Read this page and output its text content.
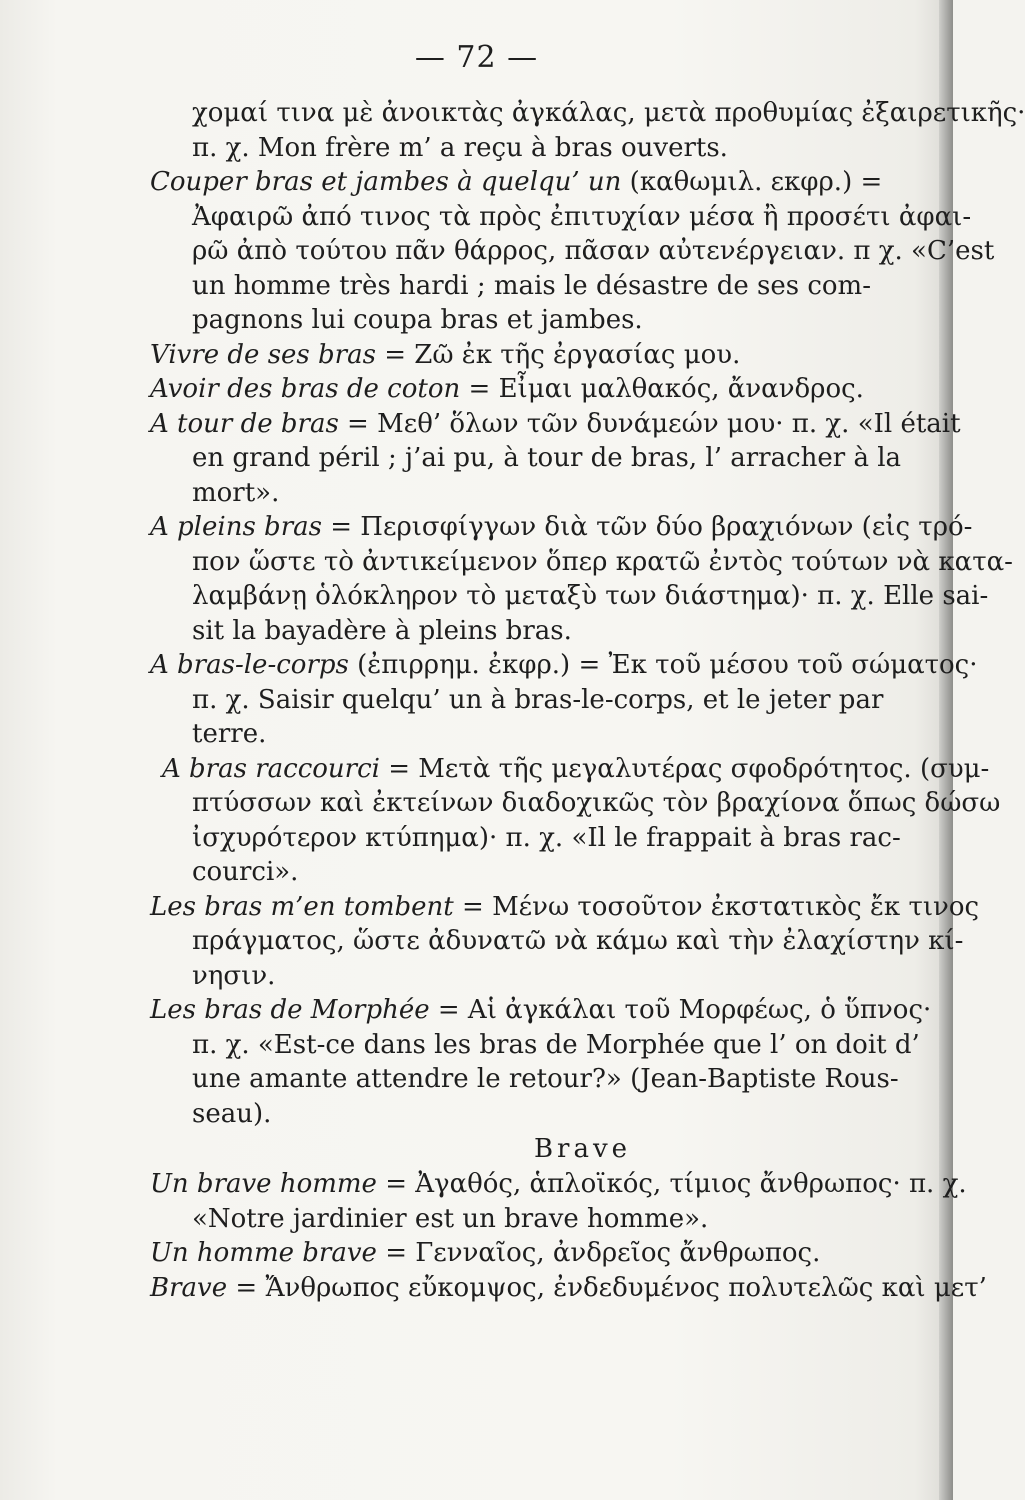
— 72 —
χομαί τινα μὲ ἀνοικτὰς ἀγκάλας, μετὰ προθυμίας ἐξαιρετικῆς·
π. χ. Mon frère m’ a reçu à bras ouverts.
Couper bras et jambes à quelqu’ un (καθωμιλ. εκφρ.) =
Ἀφαιρῶ ἀπό τινος τὰ πρὸς ἐπιτυχίαν μέσα ἢ προσέτι ἀφαι-
ρῶ ἀπὸ τούτου πᾶν θάρρος, πᾶσαν αὐτενέργειαν. π χ. «C’est
un homme très hardi ; mais le désastre de ses com-
pagnons lui coupa bras et jambes.
Vivre de ses bras = Ζῶ ἐκ τῆς ἐργασίας μου.
Avoir des bras de coton = Εἶμαι μαλθακός, ἄνανδρος.
A tour de bras = Μεθ’ ὅλων τῶν δυνάμεών μου· π. χ. «Il était
en grand péril ; j’ai pu, à tour de bras, l’ arracher à la
mort».
A pleins bras = Περισφίγγων διὰ τῶν δύο βραχιόνων (εἰς τρό-
πον ὥστε τὸ ἀντικείμενον ὅπερ κρατῶ ἐντὸς τούτων νὰ κατα-
λαμβάνῃ ὁλόκληρον τὸ μεταξὺ των διάστημα)· π. χ. Elle sai-
sit la bayadère à pleins bras.
A bras-le-corps (ἐπιρρημ. ἐκφρ.) = Ἐκ τοῦ μέσου τοῦ σώματος·
π. χ. Saisir quelqu’ un à bras-le-corps, et le jeter par
terre.
A bras raccourci = Μετὰ τῆς μεγαλυτέρας σφοδρότητος. (συμ-
πτύσσων καὶ ἐκτείνων διαδοχικῶς τὸν βραχίονα ὅπως δώσω
ἰσχυρότερον κτύπημα)· π. χ. «Il le frappait à bras rac-
courci».
Les bras m’en tombent = Μένω τοσοῦτον ἐκστατικὸς ἔκ τινος
πράγματος, ὥστε ἀδυνατῶ νὰ κάμω καὶ τὴν ἐλαχίστην κί-
νησιν.
Les bras de Morphée = Αἱ ἀγκάλαι τοῦ Μορφέως, ὁ ὕπνος·
π. χ. «Est-ce dans les bras de Morphée que l’ on doit d’
une amante attendre le retour?» (Jean-Baptiste Rous-
seau).
Brave
Un brave homme = Ἀγαθός, ἁπλοϊκός, τίμιος ἄνθρωπος· π. χ.
«Notre jardinier est un brave homme».
Un homme brave = Γενναῖος, ἀνδρεῖος ἄνθρωπος.
Brave = Ἄνθρωπος εὔκομψος, ἐνδεδυμένος πολυτελῶς καὶ μετ’
